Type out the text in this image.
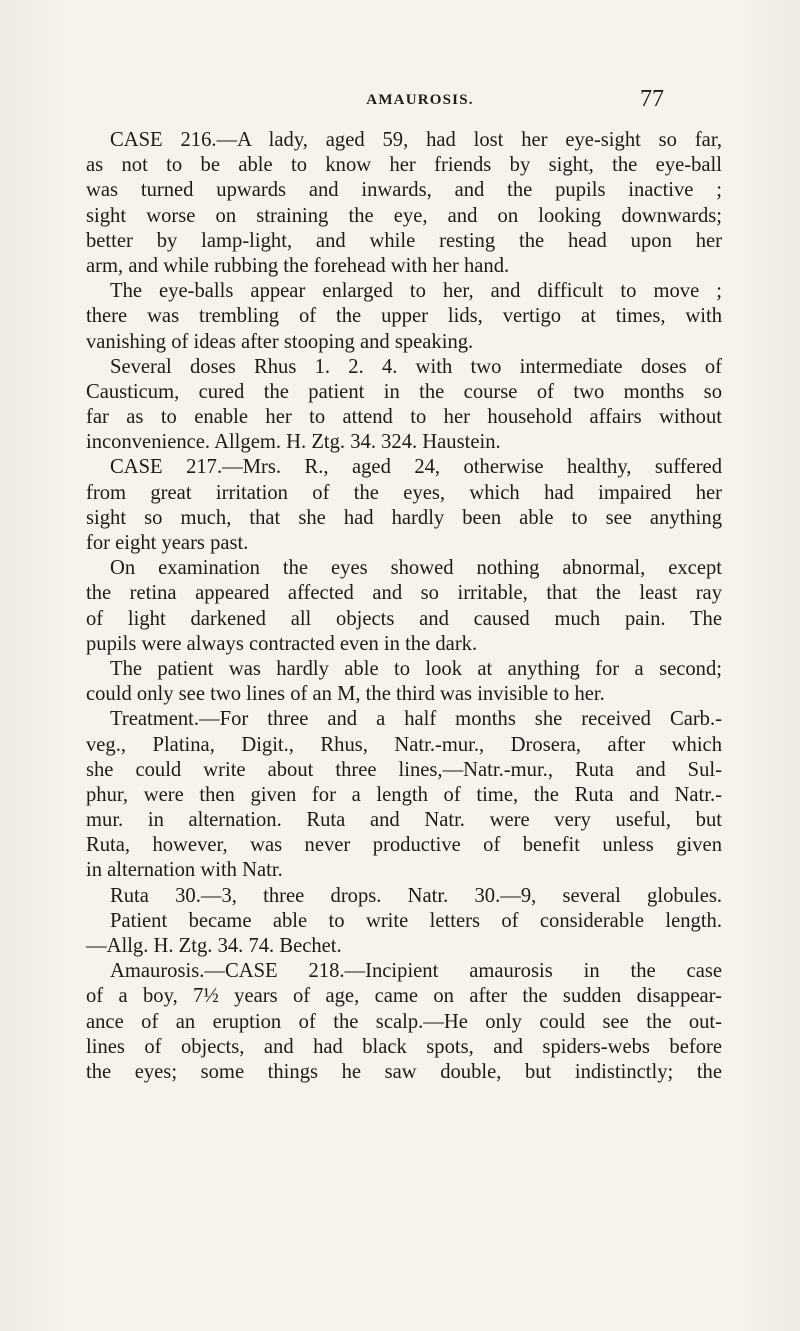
AMAUROSIS.	77
CASE 216.—A lady, aged 59, had lost her eye-sight so far,
as not to be able to know her friends by sight, the eye-ball
was turned upwards and inwards, and the pupils inactive ;
sight worse on straining the eye, and on looking downwards;
better by lamp-light, and while resting the head upon her
arm, and while rubbing the forehead with her hand.
The eye-balls appear enlarged to her, and difficult to move ;
there was trembling of the upper lids, vertigo at times, with
vanishing of ideas after stooping and speaking.
Several doses Rhus 1. 2. 4. with two intermediate doses of
Causticum, cured the patient in the course of two months so
far as to enable her to attend to her household affairs without
inconvenience. Allgem. H. Ztg. 34. 324. Haustein.
CASE 217.—Mrs. R., aged 24, otherwise healthy, suffered
from great irritation of the eyes, which had impaired her
sight so much, that she had hardly been able to see anything
for eight years past.
On examination the eyes showed nothing abnormal, except
the retina appeared affected and so irritable, that the least ray
of light darkened all objects and caused much pain. The
pupils were always contracted even in the dark.
The patient was hardly able to look at anything for a second;
could only see two lines of an M, the third was invisible to her.
Treatment.—For three and a half months she received Carb.-
veg., Platina, Digit., Rhus, Natr.-mur., Drosera, after which
she could write about three lines,—Natr.-mur., Ruta and Sul-
phur, were then given for a length of time, the Ruta and Natr.-
mur. in alternation. Ruta and Natr. were very useful, but
Ruta, however, was never productive of benefit unless given
in alternation with Natr.
Ruta 30.—3, three drops. Natr. 30.—9, several globules.
Patient became able to write letters of considerable length.
—Allg. H. Ztg. 34. 74. Bechet.
Amaurosis.—CASE 218.—Incipient amaurosis in the case
of a boy, 7½ years of age, came on after the sudden disappear-
ance of an eruption of the scalp.—He only could see the out-
lines of objects, and had black spots, and spiders-webs before
the eyes; some things he saw double, but indistinctly; the
